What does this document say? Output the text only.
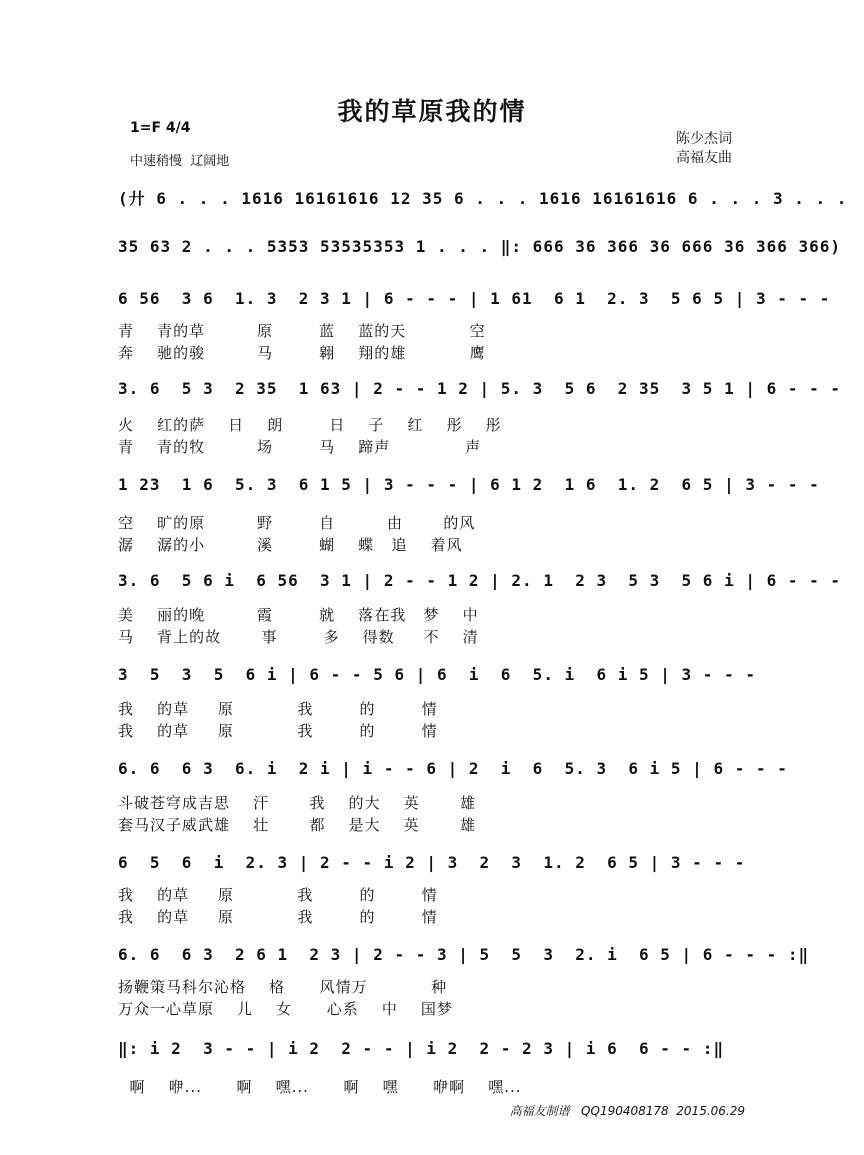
我的草原我的情
1=F 4/4
中速稍慢  辽阔地
陈少杰词
高福友曲
(廾 6 . . . 1616 16161616 12 35 6 . . . 1616 16161616 6 . . . 3 . . .
35 63 2 . . . 5353 53535353 1 . . . ‖: 666 36 366 36 666 36 366 366)
6 56  3 6  1. 3  2 3 1 | 6 - - - | 1 61  6 1  2. 3  5 6 5 | 3 - - -
青    青的草         原        蓝    蓝的天           空
奔    驰的骏         马        翱    翔的雄           鹰
3. 6  5 3  2 35  1 63 | 2 - - 1 2 | 5. 3  5 6  2 35  3 5 1 | 6 - - -
火    红的萨    日    朗        日    子    红    彤    彤
青    青的牧         场        马    蹄声             声
1 23  1 6  5. 3  6 1 5 | 3 - - - | 6 1 2  1 6  1. 2  6 5 | 3 - - -
空    旷的原         野        自         由       的风
潺    潺的小         溪        蝴    蝶   追    着风
3. 6  5 6 i  6 56  3 1 | 2 - - 1 2 | 2. 1  2 3  5 3  5 6 i | 6 - - -
美    丽的晚         霞        就    落在我   梦    中
马    背上的故       事        多    得数     不    清
3  5  3  5  6 i | 6 - - 5 6 | 6  i  6  5. i  6 i 5 | 3 - - -
我    的草     原           我        的        情
我    的草     原           我        的        情
6. 6  6 3  6. i  2 i | i - - 6 | 2  i  6  5. 3  6 i 5 | 6 - - -
斗破苍穹成吉思    汗       我    的大    英       雄
套马汉子威武雄    壮       都    是大    英       雄
6  5  6  i  2. 3 | 2 - - i 2 | 3  2  3  1. 2  6 5 | 3 - - -
我    的草     原           我        的        情
我    的草     原           我        的        情
6. 6  6 3  2 6 1  2 3 | 2 - - 3 | 5  5  3  2. i  6 5 | 6 - - - :‖
扬鞭策马科尔沁格    格      风情万           种
万众一心草原    儿    女      心系    中    国梦
‖: i 2  3 - - | i 2  2 - - | i 2  2 - 2 3 | i 6  6 - - :‖
啊    咿...      啊    嘿...      啊    嘿      咿啊    嘿...
高福友制谱   QQ190408178  2015.06.29
